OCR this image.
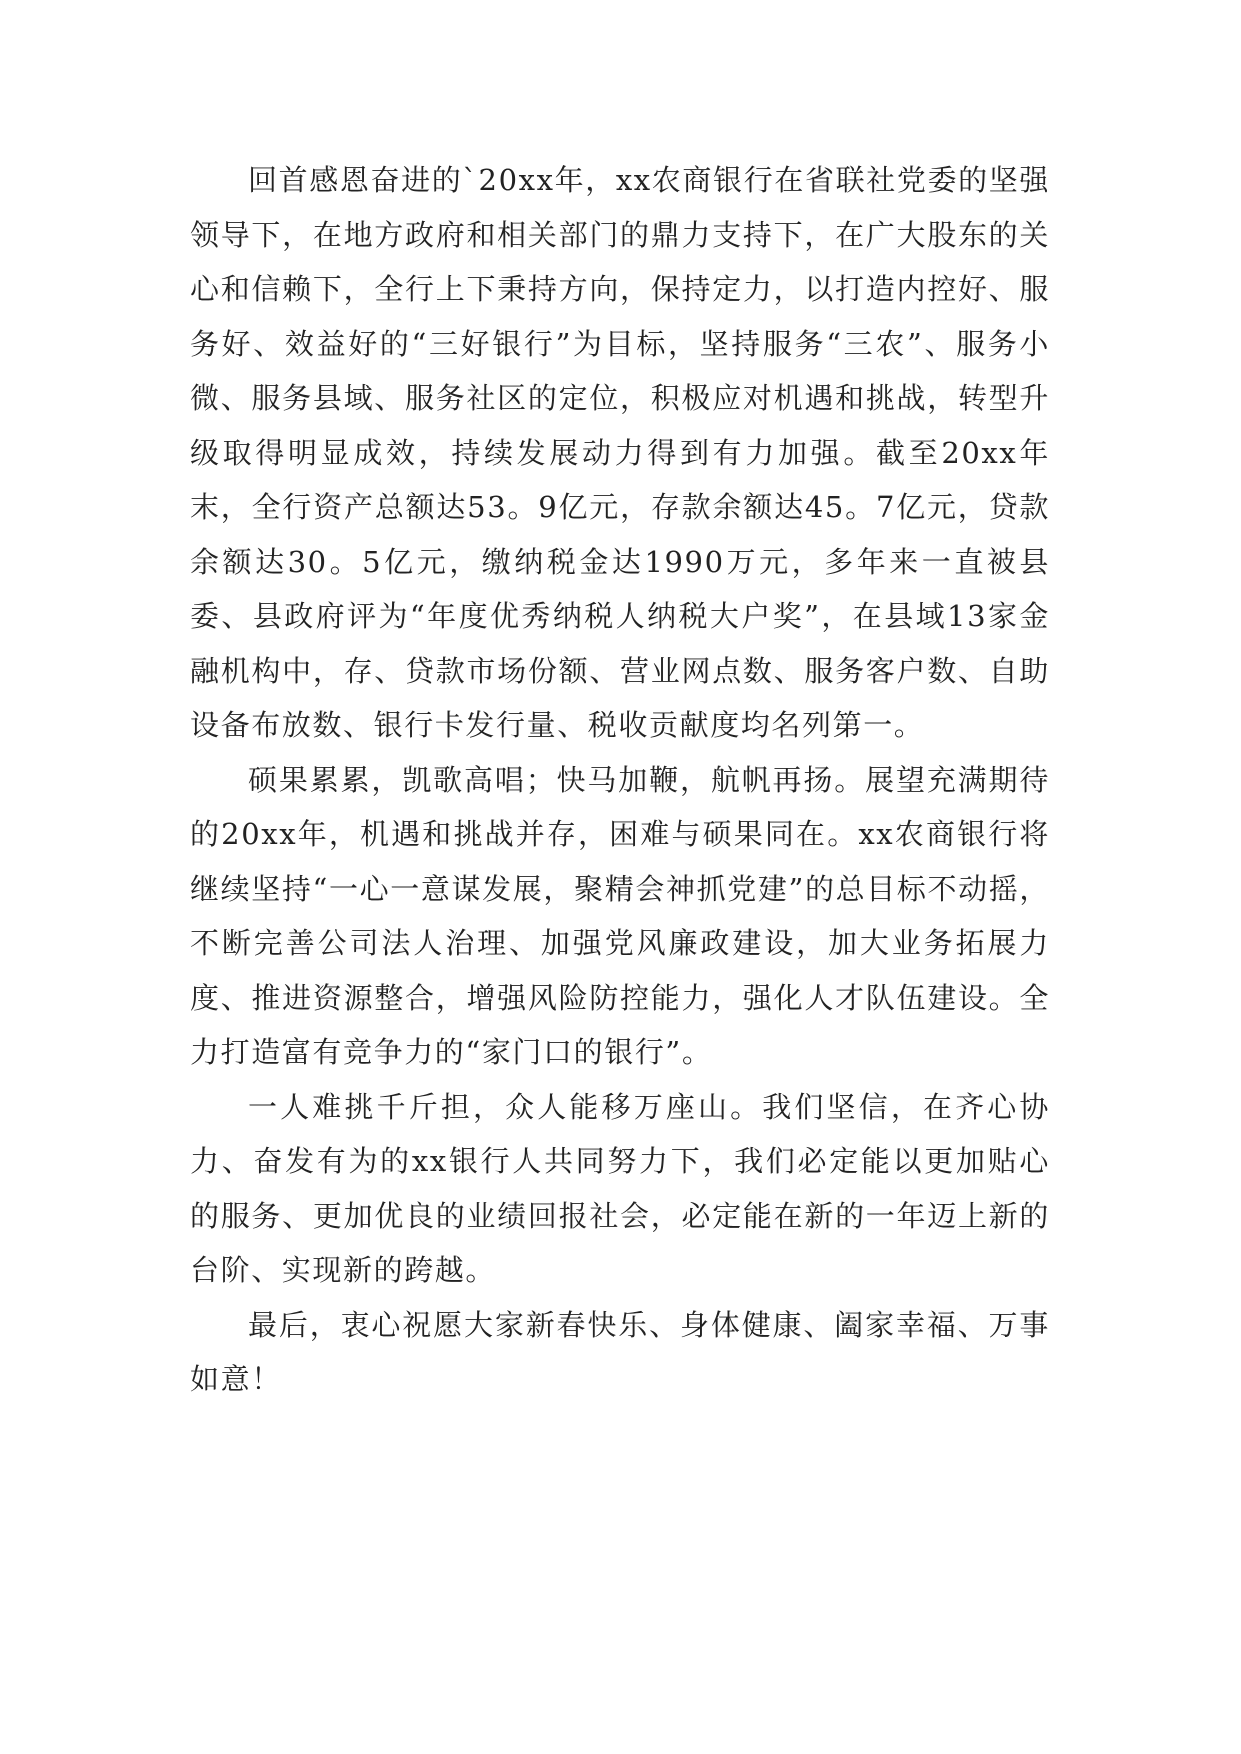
回首感恩奋进的`20xx年，xx农商银行在省联社党委的坚强领导下，在地方政府和相关部门的鼎力支持下，在广大股东的关心和信赖下，全行上下秉持方向，保持定力，以打造内控好、服务好、效益好的“三好银行”为目标，坚持服务“三农”、服务小微、服务县域、服务社区的定位，积极应对机遇和挑战，转型升级取得明显成效，持续发展动力得到有力加强。截至20xx年末，全行资产总额达53。9亿元，存款余额达45。7亿元，贷款余额达30。5亿元，缴纳税金达1990万元，多年来一直被县委、县政府评为“年度优秀纳税人纳税大户奖”，在县域13家金融机构中，存、贷款市场份额、营业网点数、服务客户数、自助设备布放数、银行卡发行量、税收贡献度均名列第一。

硕果累累，凯歌高唱；快马加鞭，航帆再扬。展望充满期待的20xx年，机遇和挑战并存，困难与硕果同在。xx农商银行将继续坚持“一心一意谋发展，聚精会神抓党建”的总目标不动摇，不断完善公司法人治理、加强党风廉政建设，加大业务拓展力度、推进资源整合，增强风险防控能力，强化人才队伍建设。全力打造富有竞争力的“家门口的银行”。

一人难挑千斤担，众人能移万座山。我们坚信，在齐心协力、奋发有为的xx银行人共同努力下，我们必定能以更加贴心的服务、更加优良的业绩回报社会，必定能在新的一年迈上新的台阶、实现新的跨越。

最后，衷心祝愿大家新春快乐、身体健康、阖家幸福、万事如意！
